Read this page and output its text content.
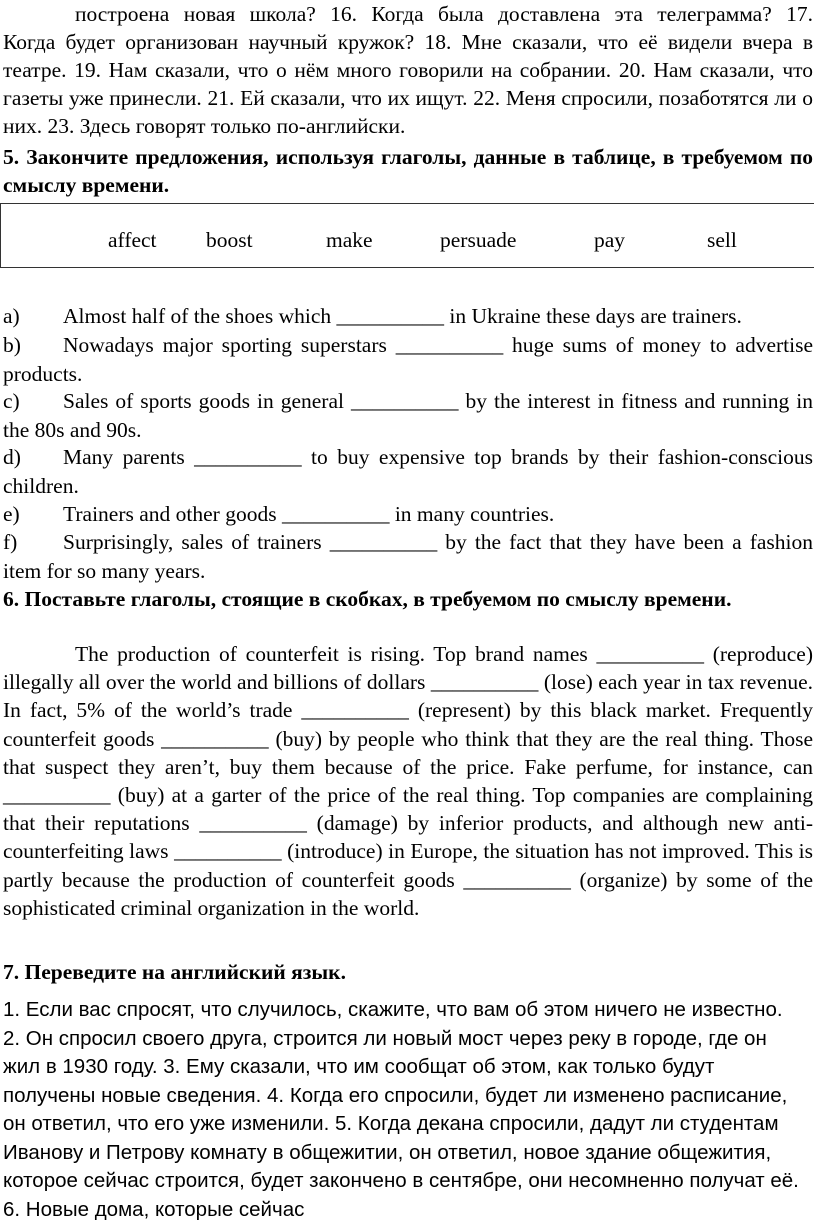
построена новая школа? 16. Когда была доставлена эта телеграмма? 17.

Когда будет организован научный кружок? 18. Мне сказали, что её видели вчера в театре. 19. Нам сказали, что о нём много говорили на собрании. 20. Нам сказали, что газеты уже принесли. 21. Ей сказали, что их ищут. 22. Меня спросили, позаботятся ли о них. 23. Здесь говорят только по-английски.

5. Закончите предложения, используя глаголы, данные в таблице, в требуемом по смыслу времени.

affect boost	make	persuade	pay	sell

a) Almost half of the shoes which __________ in Ukraine these days are trainers.

b) Nowadays major sporting superstars __________ huge sums of money to advertise products.

c) Sales of sports goods in general __________ by the interest in fitness and running in the 80s and 90s.

d) Many parents __________ to buy expensive top brands by their fashion-conscious children.

e) Trainers and other goods __________ in many countries.

f) Surprisingly, sales of trainers __________ by the fact that they have been a fashion item for so many years.

6. Поставьте глаголы, стоящие в скобках, в требуемом по смыслу времени.

The production of counterfeit is rising. Top brand names __________ (reproduce) illegally all over the world and billions of dollars __________ (lose) each year in tax revenue. In fact, 5% of the world’s trade __________ (represent) by this black market. Frequently counterfeit goods __________ (buy) by people who think that they are the real thing. Those that suspect they aren’t, buy them because of the price. Fake perfume, for instance, can __________ (buy) at a garter of the price of the real thing. Top companies are complaining that their reputations __________ (damage) by inferior products, and although new anti-counterfeiting laws __________ (introduce) in Europe, the situation has not improved. This is partly because the production of counterfeit goods __________ (organize) by some of the sophisticated criminal organization in the world.

7. Переведите на английский язык.

1. Если вас спросят, что случилось, скажите, что вам об этом ничего не известно. 2. Он спросил своего друга, строится ли новый мост через реку в городе, где он жил в 1930 году. 3. Ему сказали, что им сообщат об этом, как только будут получены новые сведения. 4. Когда его спросили, будет ли изменено расписание, он ответил, что его уже изменили. 5. Когда декана спросили, дадут ли студентам Иванову и Петрову комнату в общежитии, он ответил, новое здание общежития, которое сейчас строится, будет закончено в сентябре, они несомненно получат её. 6. Новые дома, которые сейчас
